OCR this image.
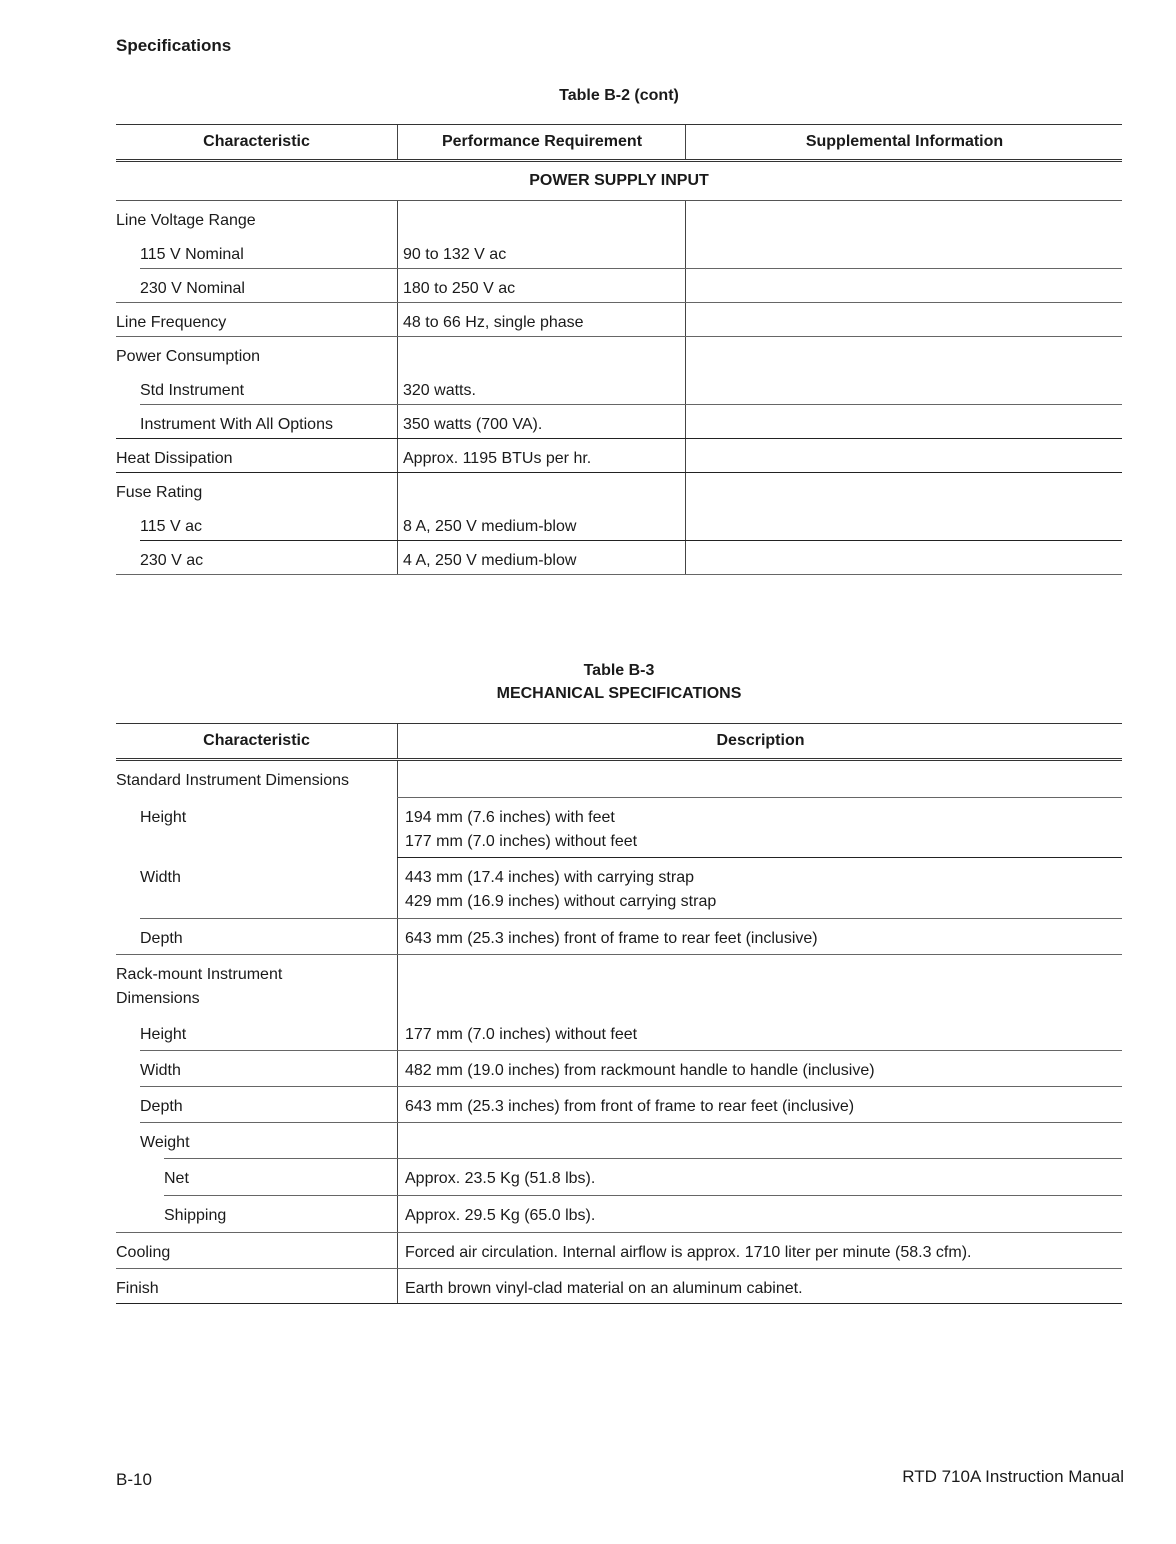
Specifications
Table B-2 (cont)
Characteristic	Performance Requirement	Supplemental Information
POWER SUPPLY INPUT
Line Voltage Range
115 V Nominal	90 to 132 V ac
230 V Nominal	180 to 250 V ac
Line Frequency	48 to 66 Hz, single phase
Power Consumption
Std Instrument	320 watts.
Instrument With All Options	350 watts (700 VA).
Heat Dissipation	Approx. 1195 BTUs per hr.
Fuse Rating
115 V ac	8 A, 250 V medium-blow
230 V ac	4 A, 250 V medium-blow
Table B-3
MECHANICAL SPECIFICATIONS
Characteristic	Description
Standard Instrument Dimensions
Height	194 mm (7.6 inches) with feet
177 mm (7.0 inches) without feet
Width	443 mm (17.4 inches) with carrying strap
429 mm (16.9 inches) without carrying strap
Depth	643 mm (25.3 inches) front of frame to rear feet (inclusive)
Rack-mount Instrument
Dimensions
Height	177 mm (7.0 inches) without feet
Width	482 mm (19.0 inches) from rackmount handle to handle (inclusive)
Depth	643 mm (25.3 inches) from front of frame to rear feet (inclusive)
Weight
Net	Approx. 23.5 Kg (51.8 lbs).
Shipping	Approx. 29.5 Kg (65.0 lbs).
Cooling	Forced air circulation. Internal airflow is approx. 1710 liter per minute (58.3 cfm).
Finish	Earth brown vinyl-clad material on an aluminum cabinet.
B-10	RTD 710A Instruction Manual
